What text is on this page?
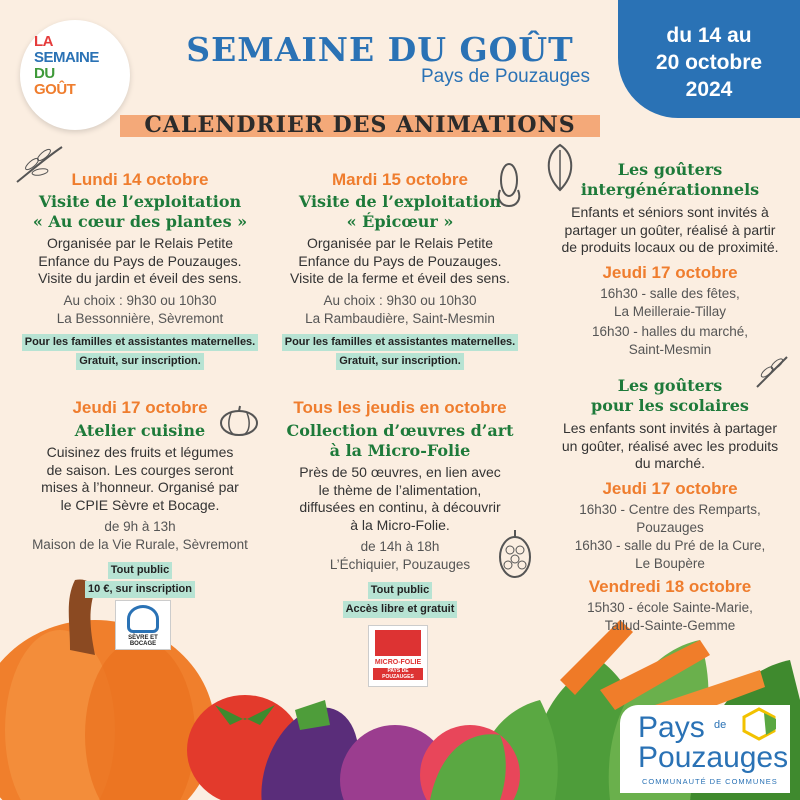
LA
SEMAINE
DU
GOÛT
SEMAINE DU GOÛT
Pays de Pouzauges
du 14 au
20 octobre
2024
CALENDRIER DES ANIMATIONS
Lundi 14 octobre
Visite de l’exploitation
« Au cœur des plantes »
Organisée par le Relais Petite
Enfance du Pays de Pouzauges.
Visite du jardin et éveil des sens.
Au choix : 9h30 ou 10h30
La Bessonnière, Sèvremont
Pour les familles et assistantes maternelles.
Gratuit, sur inscription.
Jeudi 17 octobre
Atelier cuisine
Cuisinez des fruits et légumes
de saison. Les courges seront
mises à l’honneur. Organisé par
le CPIE Sèvre et Bocage.
de 9h à 13h
Maison de la Vie Rurale, Sèvremont
Tout public
10 €, sur inscription
SÈVRE ET BOCAGE
Mardi 15 octobre
Visite de l’exploitation
« Épicœur »
Organisée par le Relais Petite
Enfance du Pays de Pouzauges.
Visite de la ferme et éveil des sens.
Au choix : 9h30 ou 10h30
La Rambaudière, Saint-Mesmin
Pour les familles et assistantes maternelles.
Gratuit, sur inscription.
Tous les jeudis en octobre
Collection d’œuvres d’art
à la Micro-Folie
Près de 50 œuvres, en lien avec
le thème de l’alimentation,
diffusées en continu, à découvrir
à la Micro-Folie.
de 14h à 18h
L’Échiquier, Pouzauges
Tout public
Accès libre et gratuit
MICRO-FOLIE
PAYS DE POUZAUGES
Les goûters
intergénérationnels
Enfants et séniors sont invités à
partager un goûter, réalisé à partir
de produits locaux ou de proximité.
Jeudi 17 octobre
16h30 - salle des fêtes,
La Meilleraie-Tillay
16h30 - halles du marché,
Saint-Mesmin
Les goûters
pour les scolaires
Les enfants sont invités à partager
un goûter, réalisé avec les produits
du marché.
Jeudi 17 octobre
16h30 - Centre des Remparts,
Pouzauges
16h30 - salle du Pré de la Cure,
Le Boupère
Vendredi 18 octobre
15h30 - école Sainte-Marie,
Tallud-Sainte-Gemme
Pays de
Pouzauges
COMMUNAUTÉ DE COMMUNES
